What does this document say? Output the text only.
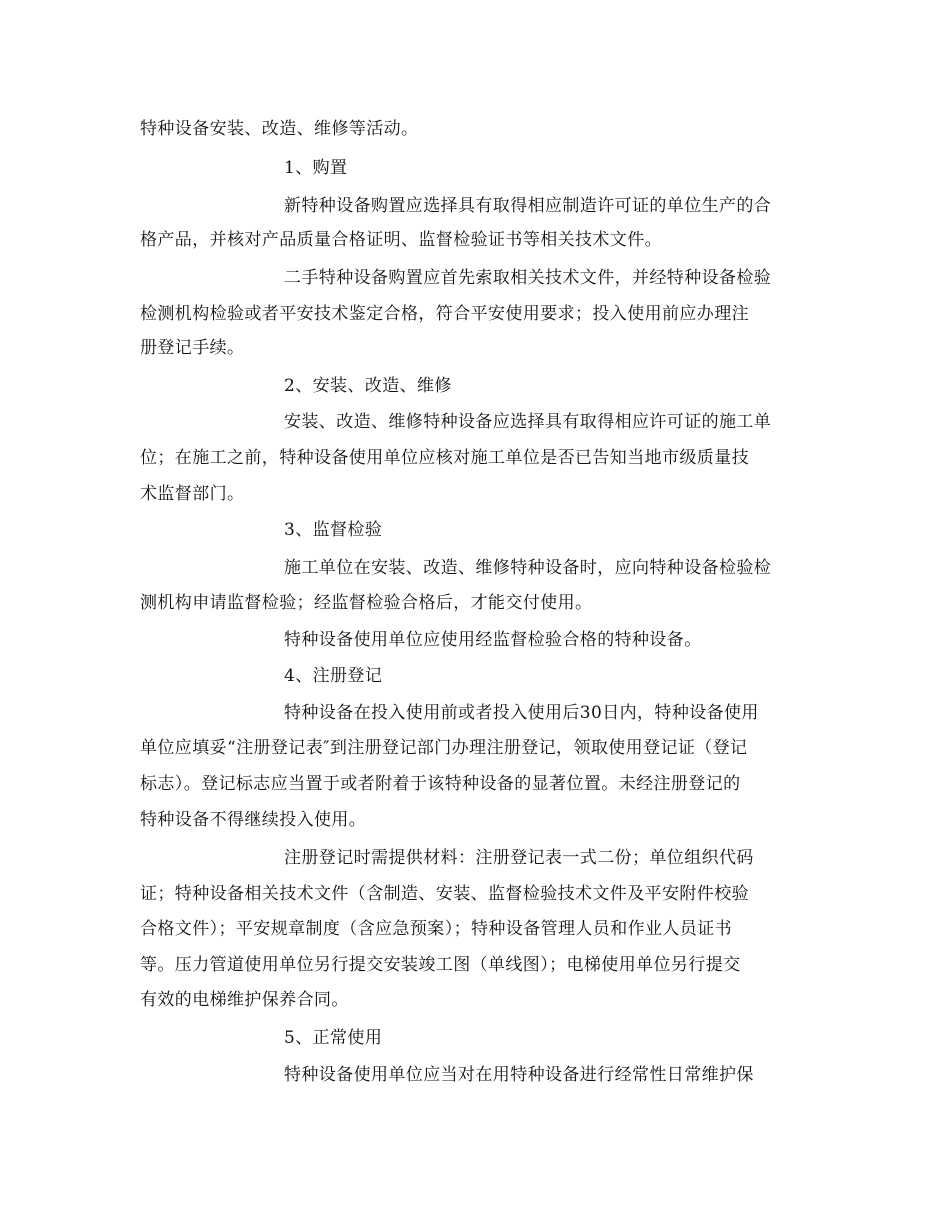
特种设备安装、改造、维修等活动。
1、购置
新特种设备购置应选择具有取得相应制造许可证的单位生产的合
格产品，并核对产品质量合格证明、监督检验证书等相关技术文件。
二手特种设备购置应首先索取相关技术文件，并经特种设备检验
检测机构检验或者平安技术鉴定合格，符合平安使用要求；投入使用前应办理注
册登记手续。
2、安装、改造、维修
安装、改造、维修特种设备应选择具有取得相应许可证的施工单
位；在施工之前，特种设备使用单位应核对施工单位是否已告知当地市级质量技
术监督部门。
3、监督检验
施工单位在安装、改造、维修特种设备时，应向特种设备检验检
测机构申请监督检验；经监督检验合格后，才能交付使用。
特种设备使用单位应使用经监督检验合格的特种设备。
4、注册登记
特种设备在投入使用前或者投入使用后30日内，特种设备使用
单位应填妥“注册登记表″到注册登记部门办理注册登记，领取使用登记证（登记
标志）。登记标志应当置于或者附着于该特种设备的显著位置。未经注册登记的
特种设备不得继续投入使用。
注册登记时需提供材料：注册登记表一式二份；单位组织代码
证；特种设备相关技术文件（含制造、安装、监督检验技术文件及平安附件校验
合格文件）；平安规章制度（含应急预案）；特种设备管理人员和作业人员证书
等。压力管道使用单位另行提交安装竣工图（单线图）；电梯使用单位另行提交
有效的电梯维护保养合同。
5、正常使用
特种设备使用单位应当对在用特种设备进行经常性日常维护保
